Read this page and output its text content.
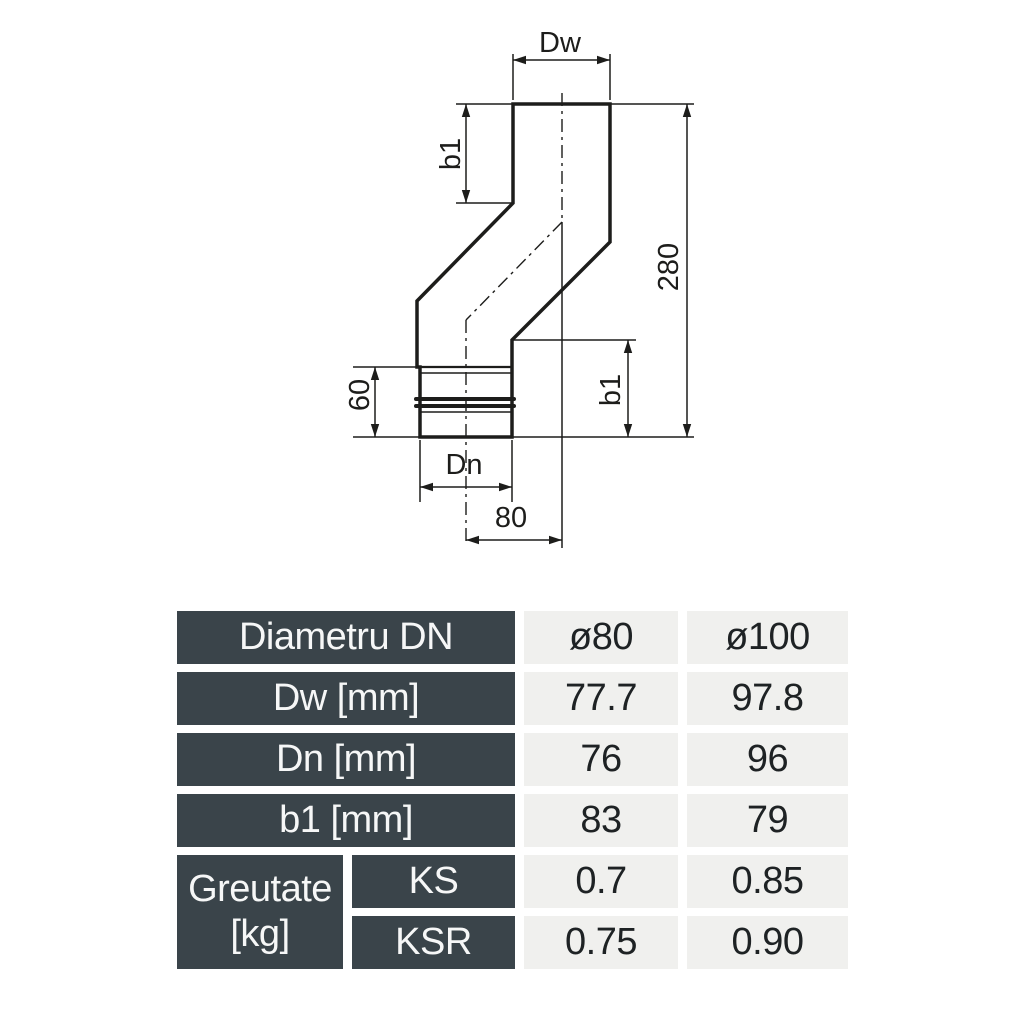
Dw
b1
280
b1
60
Dn
80
Diametru DN	ø80	ø100
Dw [mm]	77.7	97.8
Dn [mm]	76	96
b1 [mm]	83	79
Greutate
[kg]
KS	0.7	0.85
KSR	0.75	0.90
